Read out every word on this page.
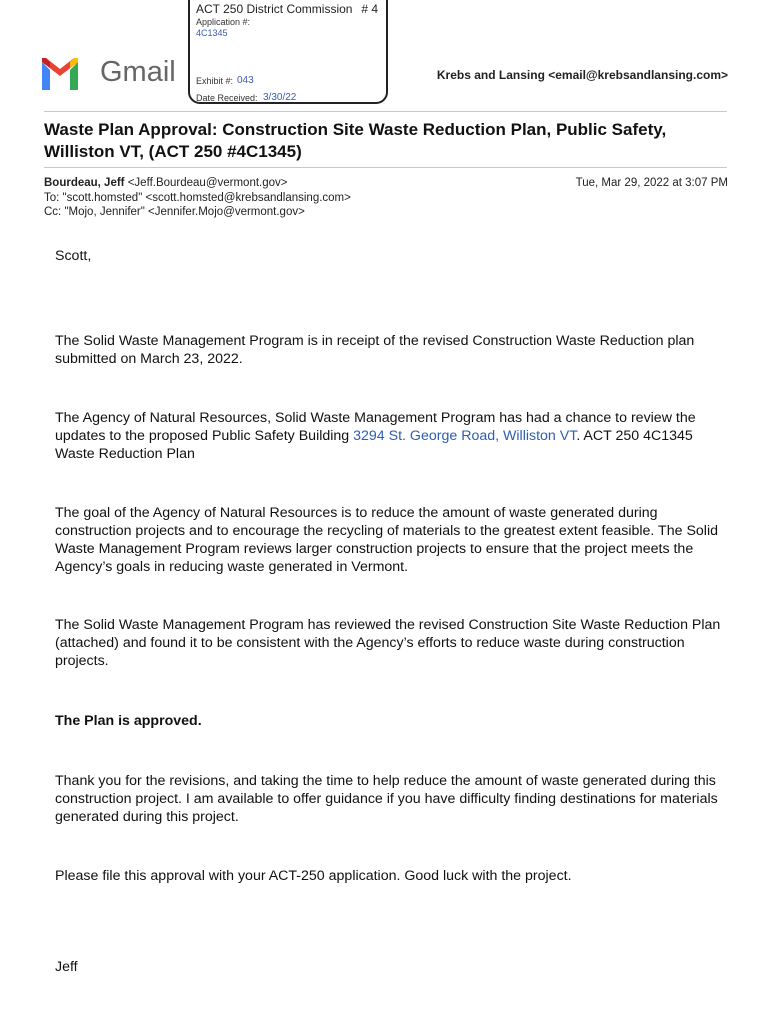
ACT 250 District Commission # 4
Application #:
4C1345
Exhibit #: 043
Date Received: 3/30/22
Gmail	Krebs and Lansing <email@krebsandlansing.com>
Waste Plan Approval: Construction Site Waste Reduction Plan, Public Safety, Williston VT, (ACT 250 #4C1345)
Bourdeau, Jeff <Jeff.Bourdeau@vermont.gov>	Tue, Mar 29, 2022 at 3:07 PM
To: "scott.homsted" <scott.homsted@krebsandlansing.com>
Cc: "Mojo, Jennifer" <Jennifer.Mojo@vermont.gov>
Scott,
The Solid Waste Management Program is in receipt of the revised Construction Waste Reduction plan submitted on March 23, 2022.
The Agency of Natural Resources, Solid Waste Management Program has had a chance to review the updates to the proposed Public Safety Building 3294 St. George Road, Williston VT. ACT 250 4C1345 Waste Reduction Plan
The goal of the Agency of Natural Resources is to reduce the amount of waste generated during construction projects and to encourage the recycling of materials to the greatest extent feasible. The Solid Waste Management Program reviews larger construction projects to ensure that the project meets the Agency’s goals in reducing waste generated in Vermont.
The Solid Waste Management Program has reviewed the revised Construction Site Waste Reduction Plan (attached) and found it to be consistent with the Agency’s efforts to reduce waste during construction projects.
The Plan is approved.
Thank you for the revisions, and taking the time to help reduce the amount of waste generated during this construction project. I am available to offer guidance if you have difficulty finding destinations for materials generated during this project.
Please file this approval with your ACT-250 application. Good luck with the project.
Jeff
